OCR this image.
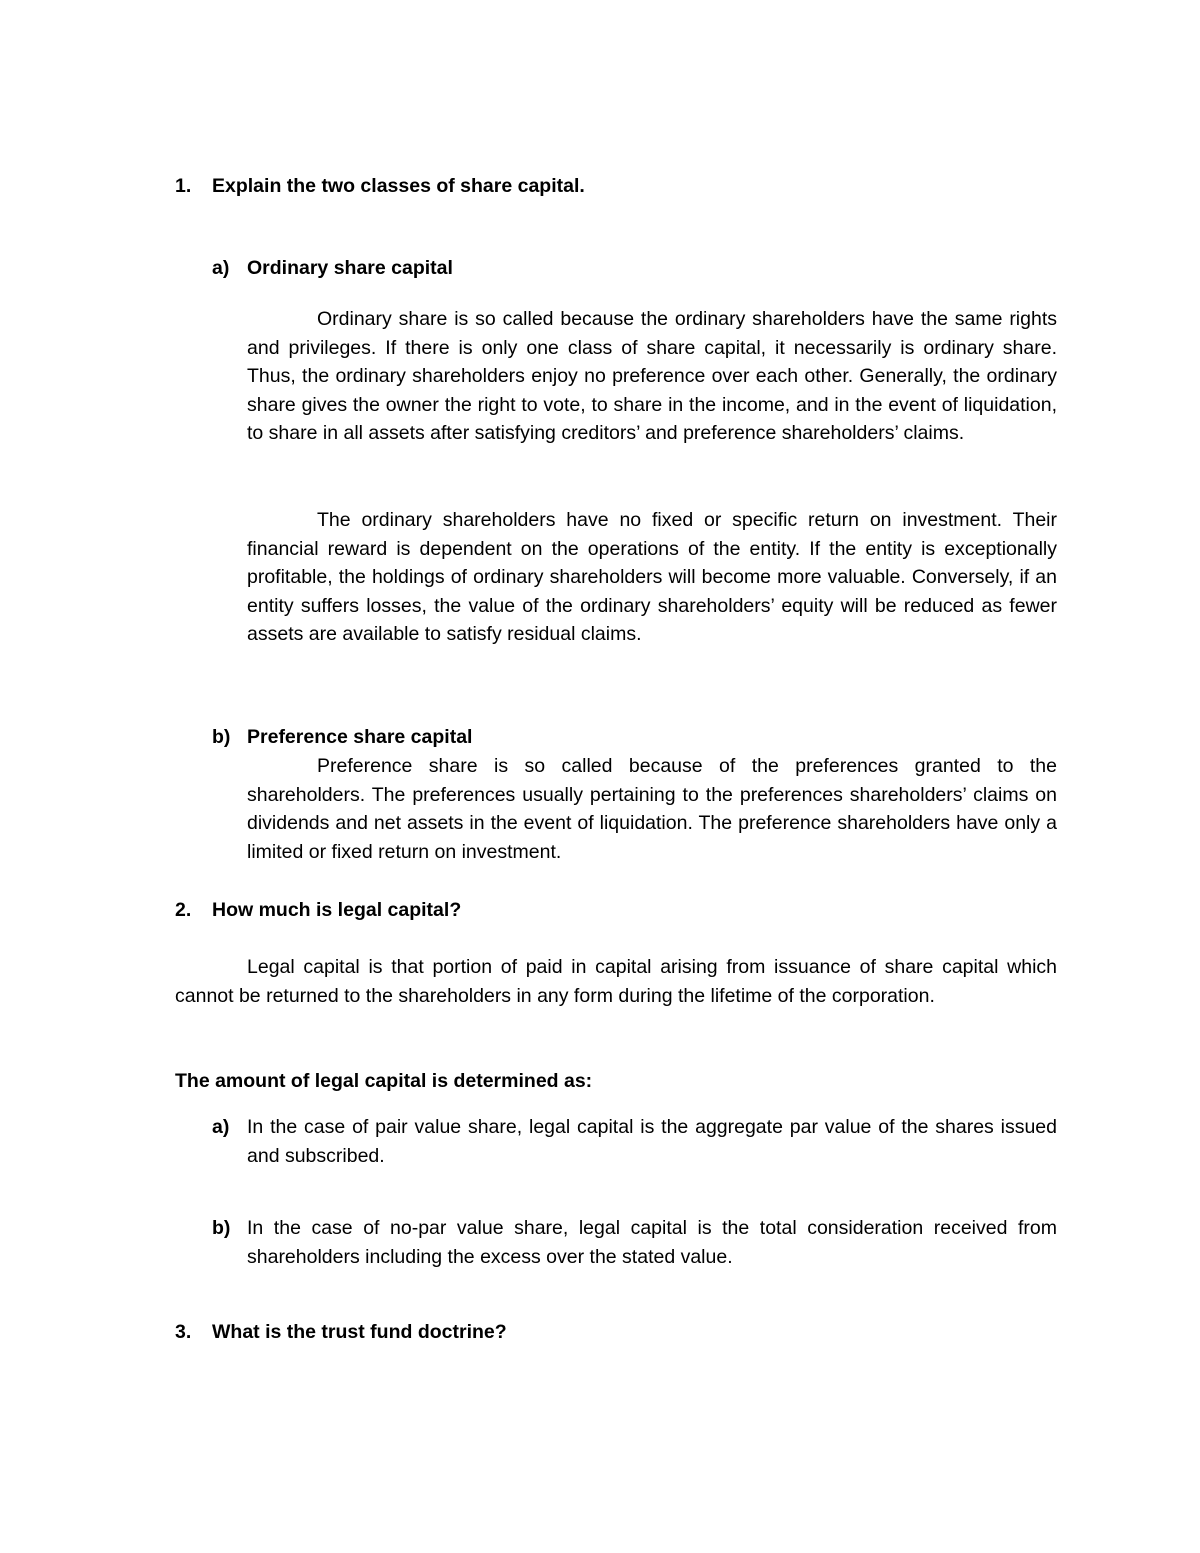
1. Explain the two classes of share capital.
a) Ordinary share capital

Ordinary share is so called because the ordinary shareholders have the same rights and privileges. If there is only one class of share capital, it necessarily is ordinary share. Thus, the ordinary shareholders enjoy no preference over each other. Generally, the ordinary share gives the owner the right to vote, to share in the income, and in the event of liquidation, to share in all assets after satisfying creditors’ and preference shareholders’ claims.

The ordinary shareholders have no fixed or specific return on investment. Their financial reward is dependent on the operations of the entity. If the entity is exceptionally profitable, the holdings of ordinary shareholders will become more valuable. Conversely, if an entity suffers losses, the value of the ordinary shareholders’ equity will be reduced as fewer assets are available to satisfy residual claims.

b) Preference share capital

Preference share is so called because of the preferences granted to the shareholders. The preferences usually pertaining to the preferences shareholders’ claims on dividends and net assets in the event of liquidation. The preference shareholders have only a limited or fixed return on investment.

2. How much is legal capital?

Legal capital is that portion of paid in capital arising from issuance of share capital which cannot be returned to the shareholders in any form during the lifetime of the corporation.

The amount of legal capital is determined as:
a) In the case of pair value share, legal capital is the aggregate par value of the shares issued and subscribed.

b) In the case of no-par value share, legal capital is the total consideration received from shareholders including the excess over the stated value.

3. What is the trust fund doctrine?
